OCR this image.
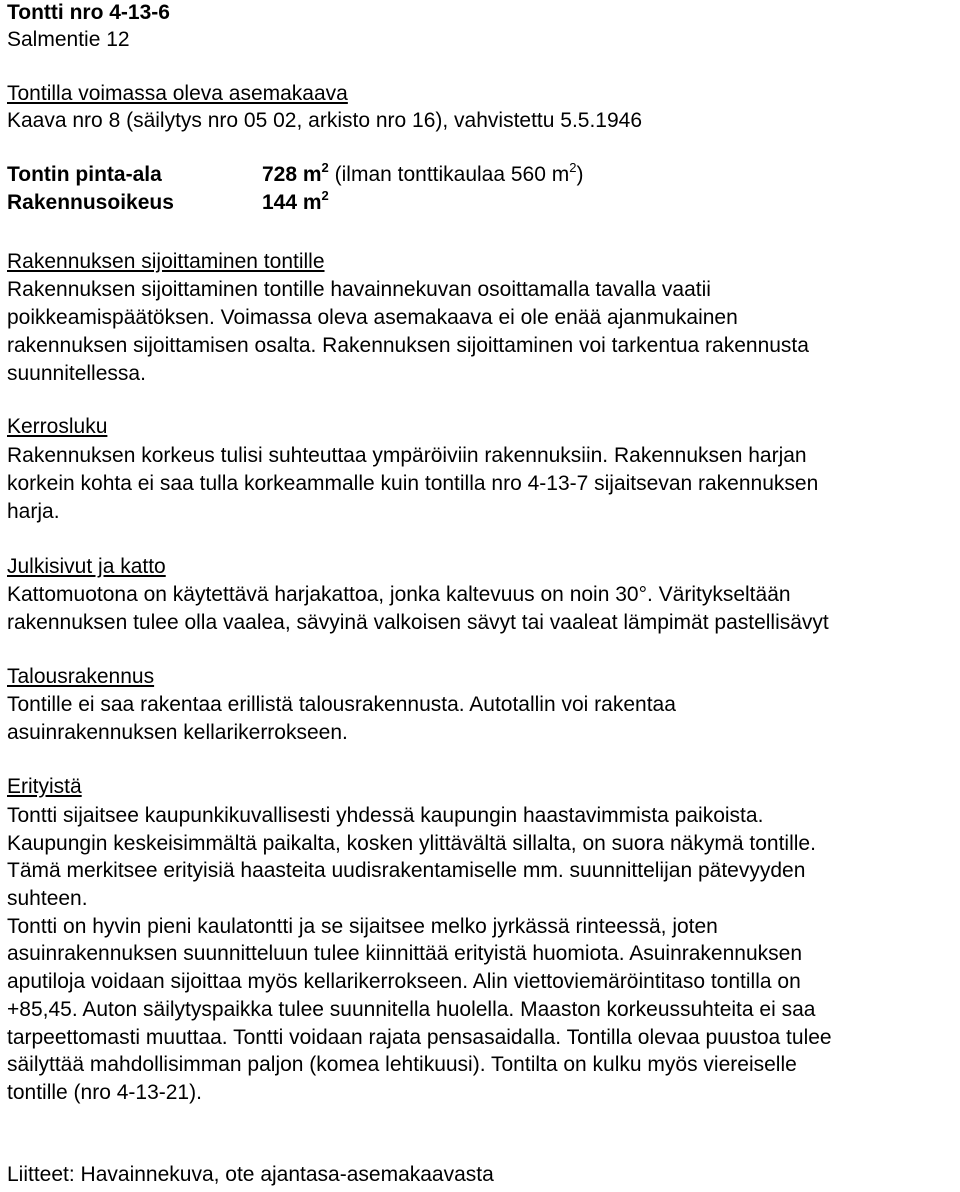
Tontti nro 4-13-6
Salmentie 12
Tontilla voimassa oleva asemakaava
Kaava nro 8 (säilytys nro 05 02, arkisto nro 16), vahvistettu 5.5.1946
Tontin pinta-ala	728 $m^2$ (ilman tonttikaulaa 560 $m^2$)
Rakennusoikeus	144 $m^2$
Rakennuksen sijoittaminen tontille
Rakennuksen sijoittaminen tontille havainnekuvan osoittamalla tavalla vaatii
poikkeamispäätöksen. Voimassa oleva asemakaava ei ole enää ajanmukainen
rakennuksen sijoittamisen osalta. Rakennuksen sijoittaminen voi tarkentua rakennusta
suunnitellessa.
Kerrosluku
Rakennuksen korkeus tulisi suhteuttaa ympäröiviin rakennuksiin. Rakennuksen harjan
korkein kohta ei saa tulla korkeammalle kuin tontilla nro 4-13-7 sijaitsevan rakennuksen
harja.
Julkisivut ja katto
Kattomuotona on käytettävä harjakattoa, jonka kaltevuus on noin 30°. Väritykseltään
rakennuksen tulee olla vaalea, sävyinä valkoisen sävyt tai vaaleat lämpimät pastellisävyt
Talousrakennus
Tontille ei saa rakentaa erillistä talousrakennusta. Autotallin voi rakentaa
asuinrakennuksen kellarikerrokseen.
Erityistä
Tontti sijaitsee kaupunkikuvallisesti yhdessä kaupungin haastavimmista paikoista.
Kaupungin keskeisimmältä paikalta, kosken ylittävältä sillalta, on suora näkymä tontille.
Tämä merkitsee erityisiä haasteita uudisrakentamiselle mm. suunnittelijan pätevyyden
suhteen.
Tontti on hyvin pieni kaulatontti ja se sijaitsee melko jyrkässä rinteessä, joten
asuinrakennuksen suunnitteluun tulee kiinnittää erityistä huomiota. Asuinrakennuksen
aputiloja voidaan sijoittaa myös kellarikerrokseen. Alin viettoviemäröintitaso tontilla on
+85,45. Auton säilytyspaikka tulee suunnitella huolella. Maaston korkeussuhteita ei saa
tarpeettomasti muuttaa. Tontti voidaan rajata pensasaidalla. Tontilla olevaa puustoa tulee
säilyttää mahdollisimman paljon (komea lehtikuusi). Tontilta on kulku myös viereiselle
tontille (nro 4-13-21).
Liitteet: Havainnekuva, ote ajantasa-asemakaavasta
